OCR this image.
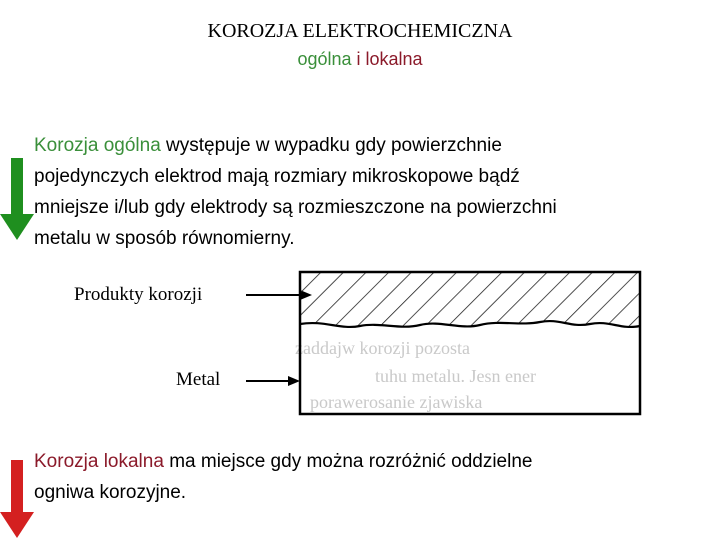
KOROZJA ELEKTROCHEMICZNA
ogólna i lokalna
Korozja ogólna występuje w wypadku gdy powierzchnie
pojedynczych elektrod mają rozmiary mikroskopowe bądź
mniejsze i/lub gdy elektrody są rozmieszczone na powierzchni
metalu w sposób równomierny.
Produkty korozji
Metal
zaddajw korozji pozosta
tuhu metalu. Jesn ener
porawerosanie zjawiska
Korozja lokalna ma miejsce gdy można rozróżnić oddzielne
ogniwa korozyjne.
